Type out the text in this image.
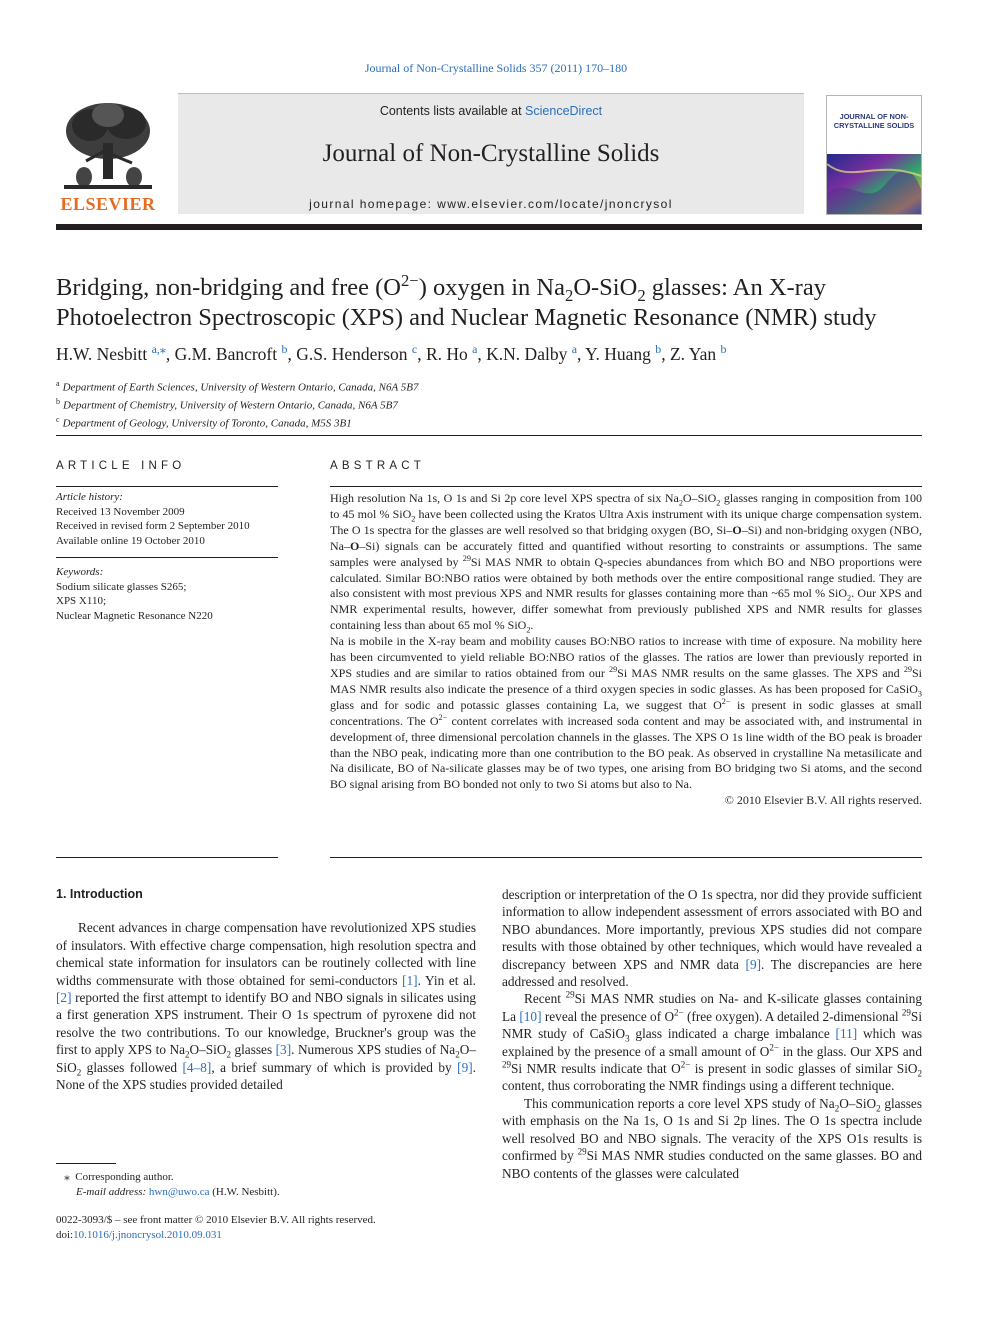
Journal of Non-Crystalline Solids 357 (2011) 170–180
ELSEVIER
Contents lists available at ScienceDirect
Journal of Non-Crystalline Solids
journal homepage: www.elsevier.com/locate/jnoncrysol
JOURNAL OF NON-CRYSTALLINE SOLIDS
Bridging, non-bridging and free $(O^{2-})$ oxygen in $Na_2O-SiO_2$ glasses: An X-ray Photoelectron Spectroscopic (XPS) and Nuclear Magnetic Resonance (NMR) study
H.W. Nesbitt $^{a,⁎}$, G.M. Bancroft $^b$, G.S. Henderson $^c$, R. Ho $^a$, K.N. Dalby $^a$, Y. Huang $^b$, Z. Yan $^b$
$^a$ Department of Earth Sciences, University of Western Ontario, Canada, N6A 5B7
$^b$ Department of Chemistry, University of Western Ontario, Canada, N6A 5B7
$^c$ Department of Geology, University of Toronto, Canada, M5S 3B1
ARTICLE INFO
Article history:
Received 13 November 2009
Received in revised form 2 September 2010
Available online 19 October 2010
Keywords:
Sodium silicate glasses S265;
XPS X110;
Nuclear Magnetic Resonance N220
ABSTRACT

High resolution Na 1s, O 1s and Si 2p core level XPS spectra of six $Na_2O-SiO_2$ glasses ranging in composition from 100 to 45 mol % SiO$_2$ have been collected using the Kratos Ultra Axis instrument with its unique charge compensation system. The O 1s spectra for the glasses are well resolved so that bridging oxygen (BO, Si–O–Si) and non-bridging oxygen (NBO, Na–O–Si) signals can be accurately fitted and quantified without resorting to constraints or assumptions. The same samples were analysed by $^{29}$Si MAS NMR to obtain Q-species abundances from which BO and NBO proportions were calculated. Similar BO:NBO ratios were obtained by both methods over the entire compositional range studied. They are also consistent with most previous XPS and NMR results for glasses containing more than ~65 mol % SiO$_2$. Our XPS and NMR experimental results, however, differ somewhat from previously published XPS and NMR results for glasses containing less than about 65 mol % SiO$_2$.

Na is mobile in the X-ray beam and mobility causes BO:NBO ratios to increase with time of exposure. Na mobility here has been circumvented to yield reliable BO:NBO ratios of the glasses. The ratios are lower than previously reported in XPS studies and are similar to ratios obtained from our $^{29}$Si MAS NMR results on the same glasses. The XPS and $^{29}$Si MAS NMR results also indicate the presence of a third oxygen species in sodic glasses. As has been proposed for CaSiO$_3$ glass and for sodic and potassic glasses containing La, we suggest that $O^{2-}$ is present in sodic glasses at small concentrations. The $O^{2-}$ content correlates with increased soda content and may be associated with, and instrumental in development of, three dimensional percolation channels in the glasses. The XPS O 1s line width of the BO peak is broader than the NBO peak, indicating more than one contribution to the BO peak. As observed in crystalline Na metasilicate and Na disilicate, BO of Na-silicate glasses may be of two types, one arising from BO bridging two Si atoms, and the second BO signal arising from BO bonded not only to two Si atoms but also to Na.

© 2010 Elsevier B.V. All rights reserved.

1. Introduction

Recent advances in charge compensation have revolutionized XPS studies of insulators. With effective charge compensation, high resolution spectra and chemical state information for insulators can be routinely collected with line widths commensurate with those obtained for semi-conductors [1]. Yin et al. [2] reported the first attempt to identify BO and NBO signals in silicates using a first generation XPS instrument. Their O 1s spectrum of pyroxene did not resolve the two contributions. To our knowledge, Bruckner's group was the first to apply XPS to $Na_2O-SiO_2$ glasses [3]. Numerous XPS studies of $Na_2O-SiO_2$ glasses followed [4–8], a brief summary of which is provided by [9]. None of the XPS studies provided detailed

description or interpretation of the O 1s spectra, nor did they provide sufficient information to allow independent assessment of errors associated with BO and NBO abundances. More importantly, previous XPS studies did not compare results with those obtained by other techniques, which would have revealed a discrepancy between XPS and NMR data [9]. The discrepancies are here addressed and resolved.

Recent $^{29}$Si MAS NMR studies on Na- and K-silicate glasses containing La [10] reveal the presence of $O^{2-}$ (free oxygen). A detailed 2-dimensional $^{29}$Si NMR study of CaSiO$_3$ glass indicated a charge imbalance [11] which was explained by the presence of a small amount of $O^{2-}$ in the glass. Our XPS and $^{29}$Si NMR results indicate that $O^{2-}$ is present in sodic glasses of similar SiO$_2$ content, thus corroborating the NMR findings using a different technique.

This communication reports a core level XPS study of $Na_2O-SiO_2$ glasses with emphasis on the Na 1s, O 1s and Si 2p lines. The O 1s spectra include well resolved BO and NBO signals. The veracity of the XPS O1s results is confirmed by $^{29}$Si MAS NMR studies conducted on the same glasses. BO and NBO contents of the glasses were calculated

⁎ Corresponding author.
E-mail address: hwn@uwo.ca (H.W. Nesbitt).
0022-3093/$ – see front matter © 2010 Elsevier B.V. All rights reserved.
doi:10.1016/j.jnoncrysol.2010.09.031
